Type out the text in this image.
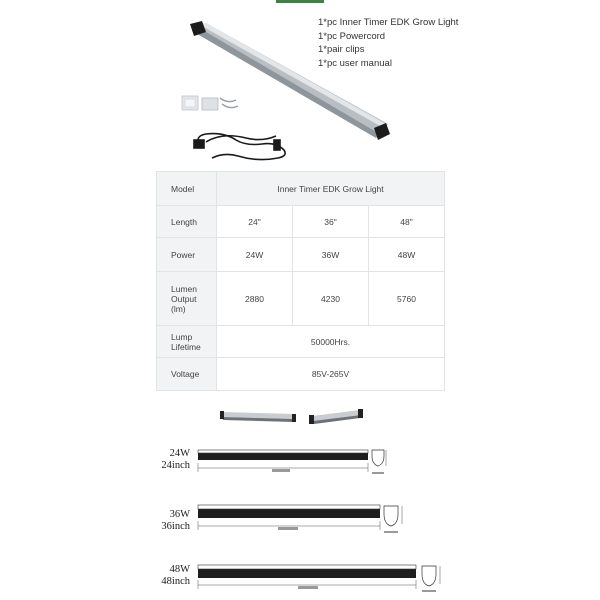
1*pc Inner Timer EDK Grow Light
1*pc Powercord
1*pair clips
1*pc user manual
Model	Inner Timer EDK Grow Light		
Length	24"	36"	48"
Power	24W	36W	48W

Lumen
Output
(lm)	2880	4230	5760

Lump
Lifetime	50000Hrs.		
Voltage	85V-265V		
24W
24inch
36W
36inch
48W
48inch
